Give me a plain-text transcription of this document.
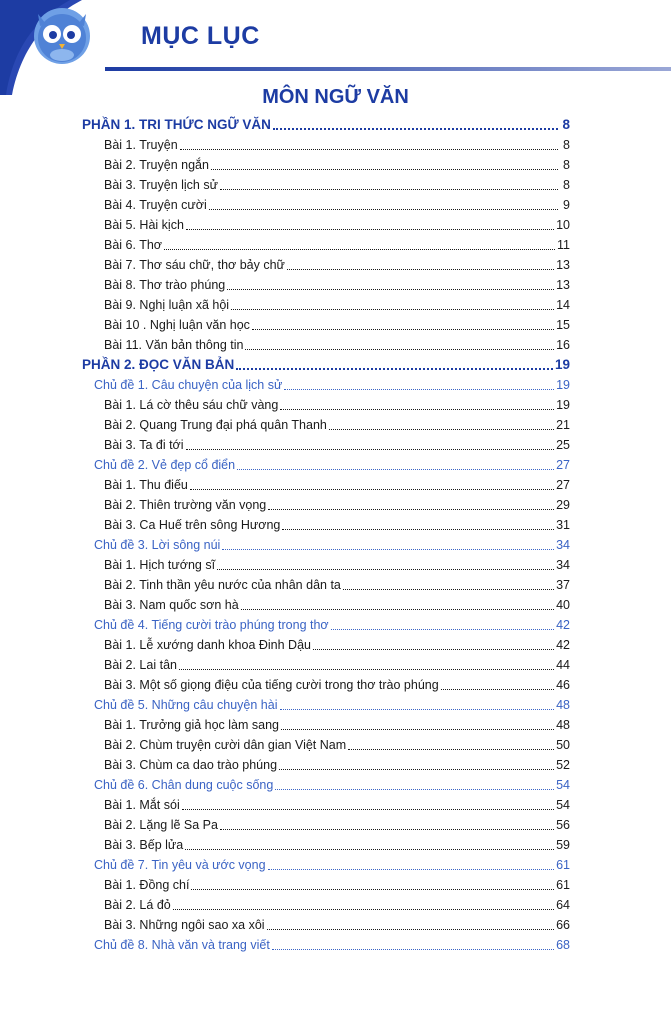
MỤC LỤC
MÔN NGỮ VĂN
PHẦN 1. TRI THỨC NGỮ VĂN	8
Bài 1. Truyện	8
Bài 2. Truyện ngắn	8
Bài 3. Truyện lịch sử	8
Bài 4. Truyện cười	9
Bài 5. Hài kịch	10
Bài 6. Thơ	11
Bài 7. Thơ sáu chữ, thơ bảy chữ	13
Bài 8. Thơ trào phúng	13
Bài 9. Nghị luận xã hội	14
Bài 10 . Nghị luận văn học	15
Bài 11. Văn bản thông tin	16
PHẦN 2. ĐỌC VĂN BẢN	19
Chủ đề 1. Câu chuyện của lịch sử	19
Bài 1. Lá cờ thêu sáu chữ vàng	19
Bài 2. Quang Trung đại phá quân Thanh	21
Bài 3. Ta đi tới	25
Chủ đề 2. Vẻ đẹp cổ điển	27
Bài 1. Thu điếu	27
Bài 2. Thiên trường văn vọng	29
Bài 3. Ca Huế trên sông Hương	31
Chủ đề 3. Lời sông núi	34
Bài 1. Hịch tướng sĩ	34
Bài 2. Tinh thần yêu nước của nhân dân ta	37
Bài 3. Nam quốc sơn hà	40
Chủ đề 4. Tiếng cười trào phúng trong thơ	42
Bài 1. Lễ xướng danh khoa Đinh Dậu	42
Bài 2. Lai tân	44
Bài 3. Một số giọng điệu của tiếng cười trong thơ trào phúng	46
Chủ đề 5. Những câu chuyện hài	48
Bài 1. Trưởng giả học làm sang	48
Bài 2. Chùm truyện cười dân gian Việt Nam	50
Bài 3. Chùm ca dao trào phúng	52
Chủ đề 6. Chân dung cuộc sống	54
Bài 1. Mắt sói	54
Bài 2. Lặng lẽ Sa Pa	56
Bài 3. Bếp lửa	59
Chủ đề 7. Tin yêu và ước vọng	61
Bài 1. Đồng chí	61
Bài 2. Lá đỏ	64
Bài 3. Những ngôi sao xa xôi	66
Chủ đề 8. Nhà văn và trang viết	68
